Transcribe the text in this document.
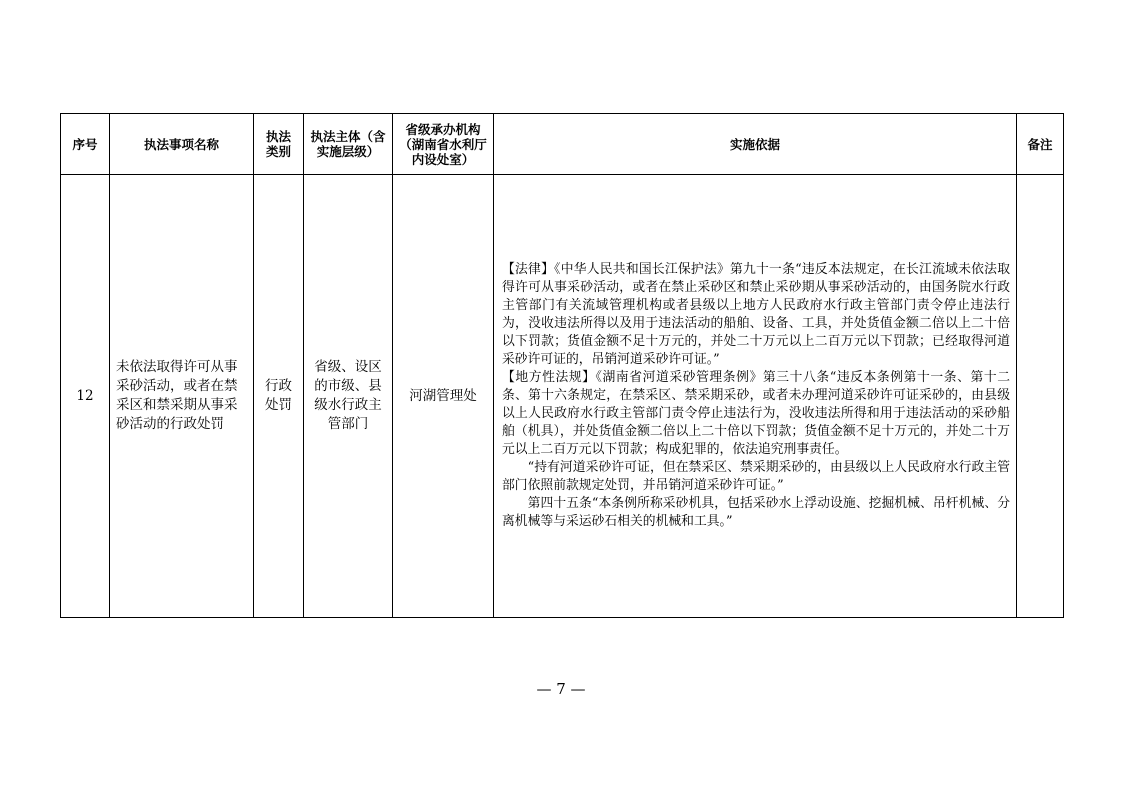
序号	执法事项名称	执法类别	执法主体（含实施层级）	省级承办机构（湖南省水利厅内设处室）	实施依据	备注
12	未依法取得许可从事采砂活动，或者在禁采区和禁采期从事采砂活动的行政处罚	行政处罚	省级、设区的市级、县级水行政主管部门	河湖管理处	【法律】《中华人民共和国长江保护法》第九十一条“违反本法规定，在长江流域未依法取得许可从事采砂活动，或者在禁止采砂区和禁止采砂期从事采砂活动的，由国务院水行政主管部门有关流域管理机构或者县级以上地方人民政府水行政主管部门责令停止违法行为，没收违法所得以及用于违法活动的船舶、设备、工具，并处货值金额二倍以上二十倍以下罚款；货值金额不足十万元的，并处二十万元以上二百万元以下罚款；已经取得河道采砂许可证的，吊销河道采砂许可证。”

【地方性法规】《湖南省河道采砂管理条例》第三十八条“违反本条例第十一条、第十二条、第十六条规定，在禁采区、禁采期采砂，或者未办理河道采砂许可证采砂的，由县级以上人民政府水行政主管部门责令停止违法行为，没收违法所得和用于违法活动的采砂船舶（机具），并处货值金额二倍以上二十倍以下罚款；货值金额不足十万元的，并处二十万元以上二百万元以下罚款；构成犯罪的，依法追究刑事责任。

“持有河道采砂许可证，但在禁采区、禁采期采砂的，由县级以上人民政府水行政主管部门依照前款规定处罚，并吊销河道采砂许可证。”

第四十五条“本条例所称采砂机具，包括采砂水上浮动设施、挖掘机械、吊杆机械、分离机械等与采运砂石相关的机械和工具。”	

— 7 —
